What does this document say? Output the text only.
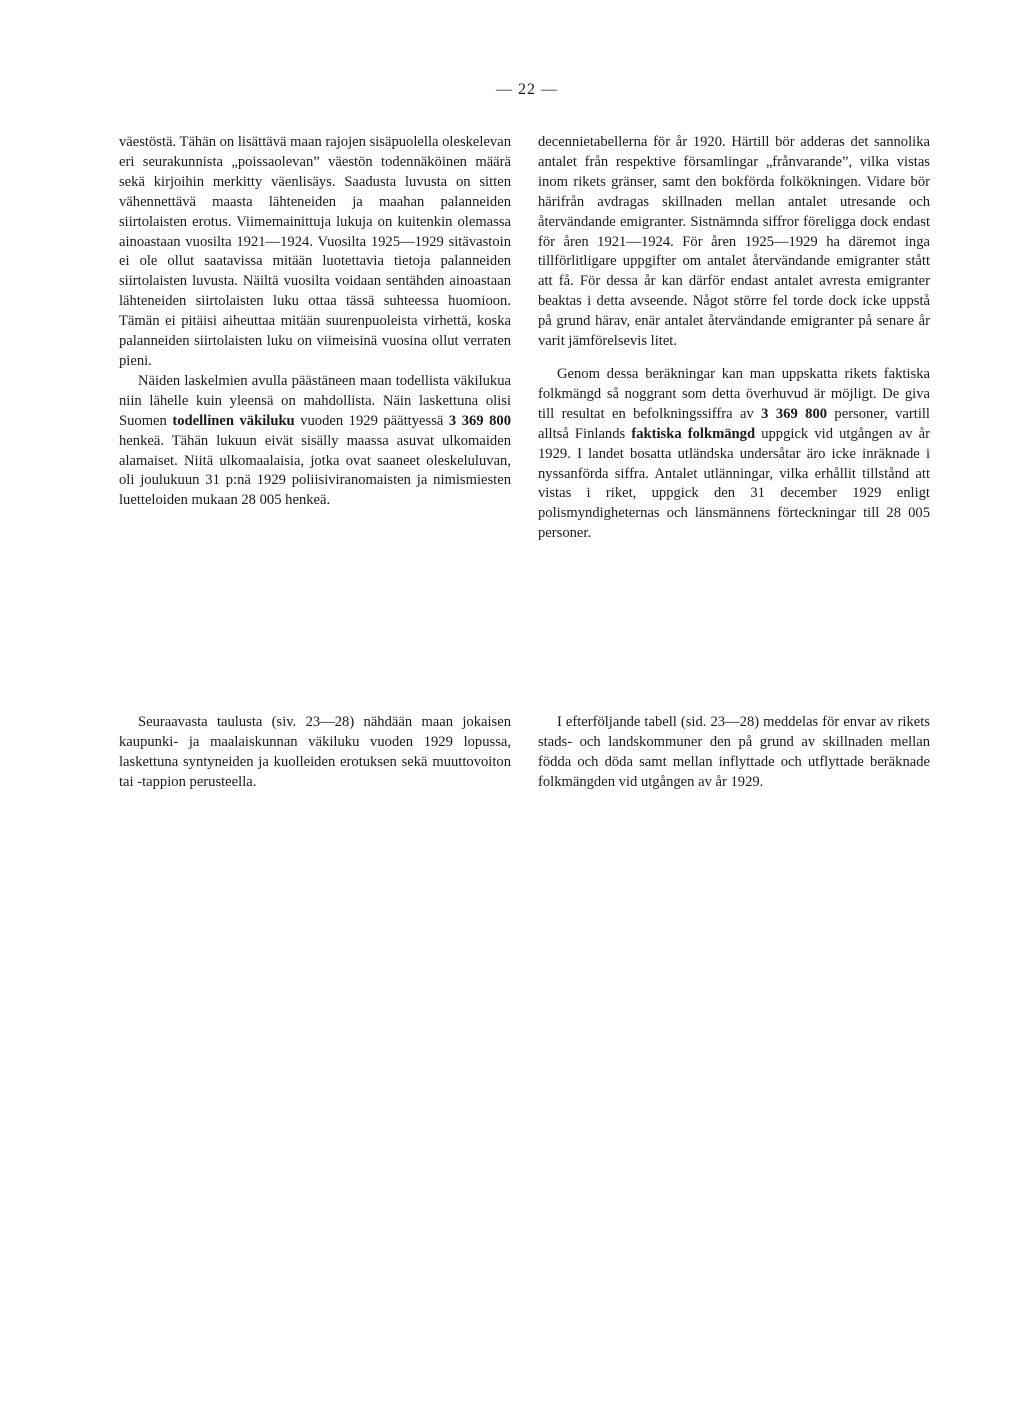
— 22 —

väestöstä. Tähän on lisättävä maan rajojen sisäpuolella oleskelevan eri seurakunnista „poissaolevan” väestön todennäköinen määrä sekä kirjoihin merkitty väenlisäys. Saadusta luvusta on sitten vähennettävä maasta lähteneiden ja maahan palanneiden siirtolaisten erotus. Viimemainittuja lukuja on kuitenkin olemassa ainoastaan vuosilta 1921—1924. Vuosilta 1925—1929 sitävastoin ei ole ollut saatavissa mitään luotettavia tietoja palanneiden siirtolaisten luvusta. Näiltä vuosilta voidaan sentähden ainoastaan lähteneiden siirtolaisten luku ottaa tässä suhteessa huomioon. Tämän ei pitäisi aiheuttaa mitään suurenpuoleista virhettä, koska palanneiden siirtolaisten luku on viimeisinä vuosina ollut verraten pieni.

Näiden laskelmien avulla päästäneen maan todellista väkilukua niin lähelle kuin yleensä on mahdollista. Näin laskettuna olisi Suomen todellinen väkiluku vuoden 1929 päättyessä 3 369 800 henkeä. Tähän lukuun eivät sisälly maassa asuvat ulkomaiden alamaiset. Niitä ulkomaalaisia, jotka ovat saaneet oleskeluluvan, oli joulukuun 31 p:nä 1929 poliisiviranomaisten ja nimismiesten luetteloiden mukaan 28 005 henkeä.

decennietabellerna för år 1920. Härtill bör adderas det sannolika antalet från respektive församlingar „frånvarande”, vilka vistas inom rikets gränser, samt den bokförda folkökningen. Vidare bör härifrån avdragas skillnaden mellan antalet utresande och återvändande emigranter. Sistnämnda siffror föreligga dock endast för åren 1921—1924. För åren 1925—1929 ha däremot inga tillförlitligare uppgifter om antalet återvändande emigranter stått att få. För dessa år kan därför endast antalet avresta emigranter beaktas i detta avseende. Något större fel torde dock icke uppstå på grund härav, enär antalet återvändande emigranter på senare år varit jämförelsevis litet.

Genom dessa beräkningar kan man uppskatta rikets faktiska folkmängd så noggrant som detta överhuvud är möjligt. De giva till resultat en befolkningssiffra av 3 369 800 personer, vartill alltså Finlands faktiska folkmängd uppgick vid utgången av år 1929. I landet bosatta utländska undersåtar äro icke inräknade i nyssanförda siffra. Antalet utlänningar, vilka erhållit tillstånd att vistas i riket, uppgick den 31 december 1929 enligt polismyndigheternas och länsmännens förteckningar till 28 005 personer.

Seuraavasta taulusta (siv. 23—28) nähdään maan jokaisen kaupunki- ja maalaiskunnan väkiluku vuoden 1929 lopussa, laskettuna syntyneiden ja kuolleiden erotuksen sekä muuttovoiton tai -tappion perusteella.

I efterföljande tabell (sid. 23—28) meddelas för envar av rikets stads- och landskommuner den på grund av skillnaden mellan födda och döda samt mellan inflyttade och utflyttade beräknade folkmängden vid utgången av år 1929.
